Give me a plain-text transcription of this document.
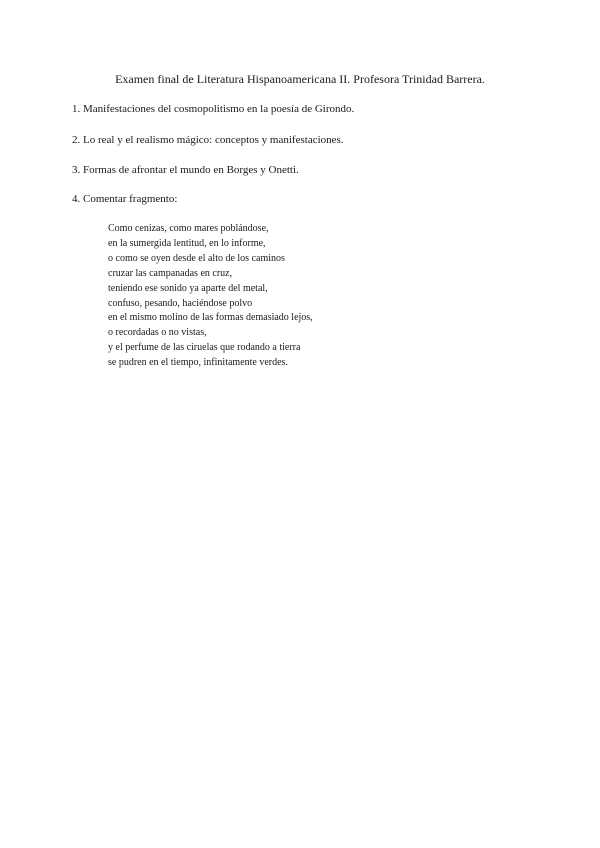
Examen final de Literatura Hispanoamericana II. Profesora Trinidad Barrera.
1. Manifestaciones del cosmopolitismo en la poesía de Girondo.
2. Lo real y el realismo mágico: conceptos y manifestaciones.
3. Formas de afrontar el mundo en Borges y Onetti.
4. Comentar fragmento:
Como cenizas, como mares poblándose,
en la sumergida lentitud, en lo informe,
o como se oyen desde el alto de los caminos
cruzar las campanadas en cruz,
teniendo ese sonido ya aparte del metal,
confuso, pesando, haciéndose polvo
en el mismo molino de las formas demasiado lejos,
o recordadas o no vistas,
y el perfume de las ciruelas que rodando a tierra
se pudren en el tiempo, infinitamente verdes.
